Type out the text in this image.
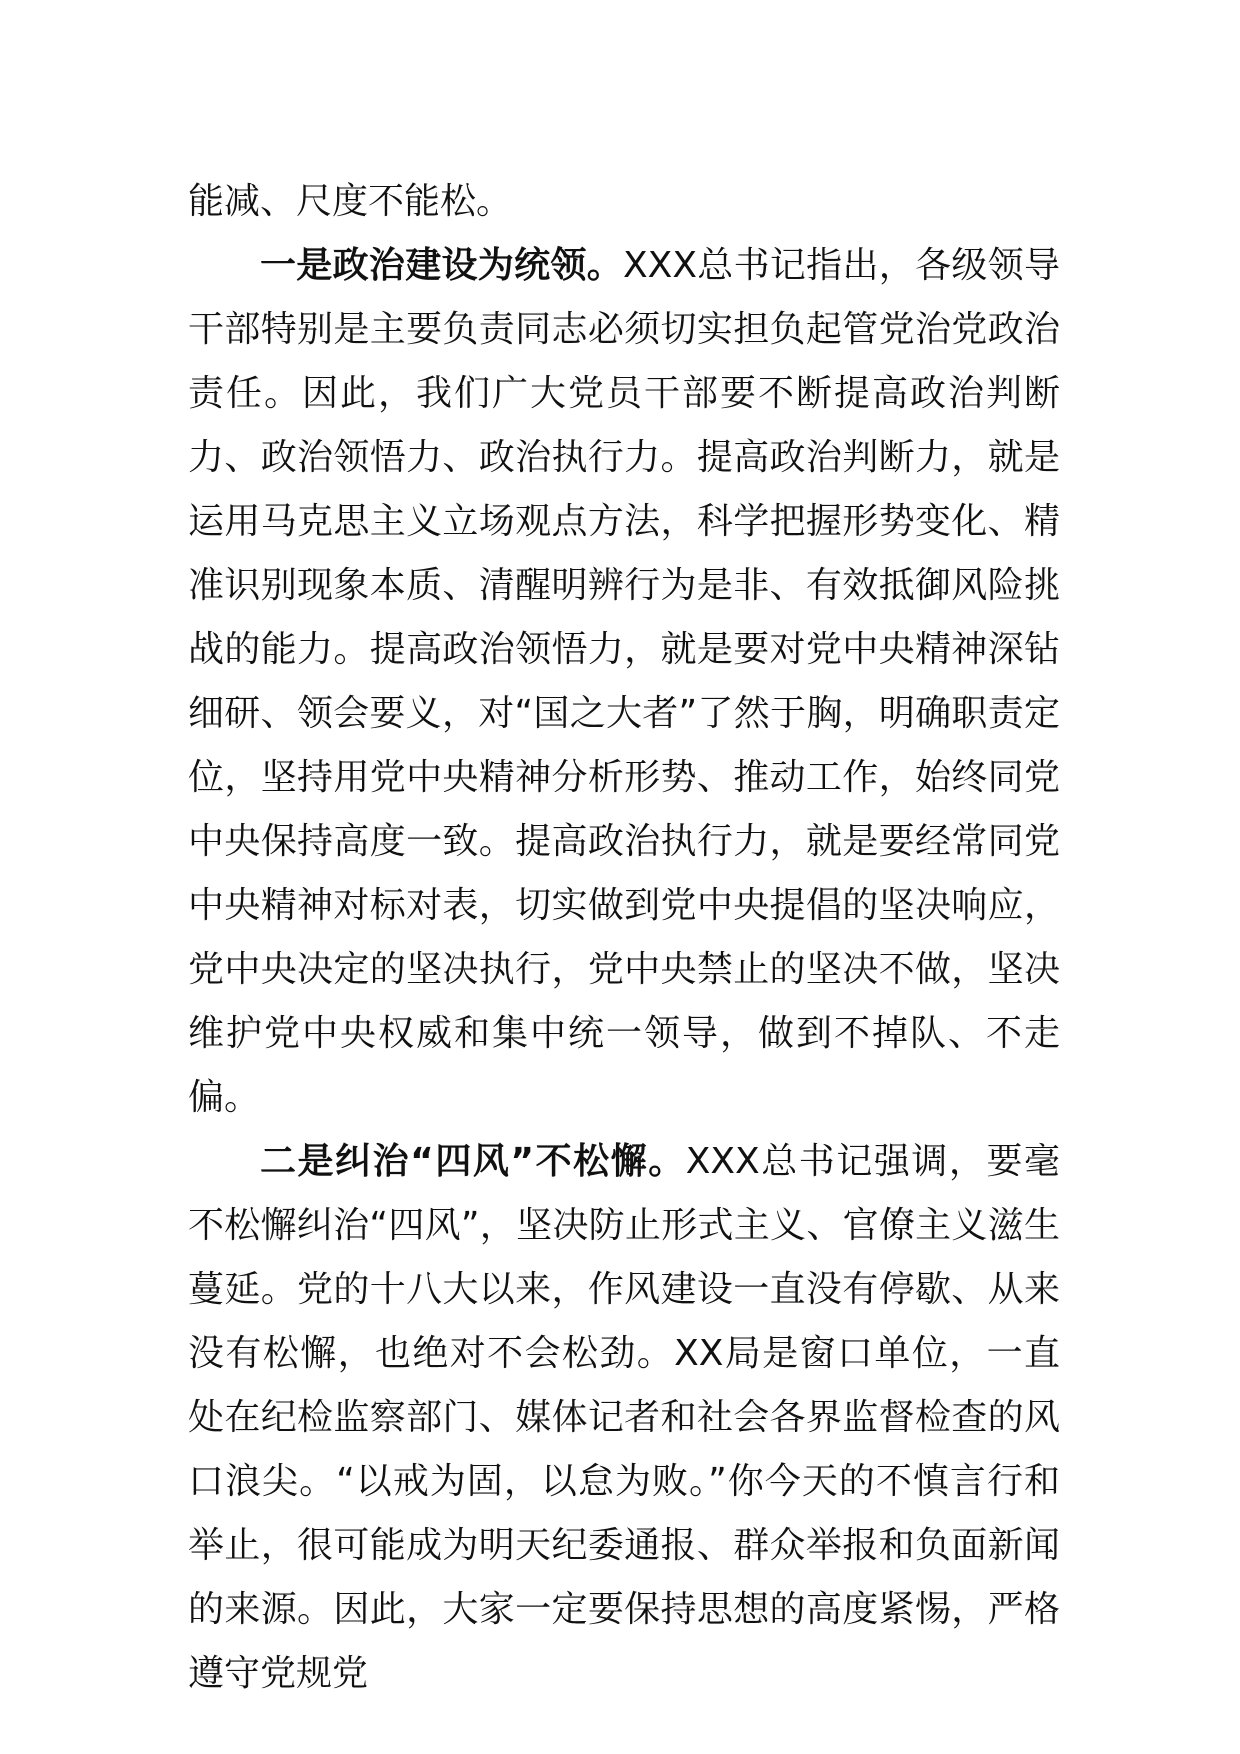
能减、尺度不能松。

一是政治建设为统领。XXX总书记指出，各级领导干部特别是主要负责同志必须切实担负起管党治党政治责任。因此，我们广大党员干部要不断提高政治判断力、政治领悟力、政治执行力。提高政治判断力，就是运用马克思主义立场观点方法，科学把握形势变化、精准识别现象本质、清醒明辨行为是非、有效抵御风险挑战的能力。提高政治领悟力，就是要对党中央精神深钻细研、领会要义，对“国之大者”了然于胸，明确职责定位，坚持用党中央精神分析形势、推动工作，始终同党中央保持高度一致。提高政治执行力，就是要经常同党中央精神对标对表，切实做到党中央提倡的坚决响应，党中央决定的坚决执行，党中央禁止的坚决不做，坚决维护党中央权威和集中统一领导，做到不掉队、不走偏。

二是纠治“四风”不松懈。XXX总书记强调，要毫不松懈纠治“四风”，坚决防止形式主义、官僚主义滋生蔓延。党的十八大以来，作风建设一直没有停歇、从来没有松懈，也绝对不会松劲。XX局是窗口单位，一直处在纪检监察部门、媒体记者和社会各界监督检查的风口浪尖。“以戒为固，以怠为败。”你今天的不慎言行和举止，很可能成为明天纪委通报、群众举报和负面新闻的来源。因此，大家一定要保持思想的高度紧惕，严格遵守党规党
